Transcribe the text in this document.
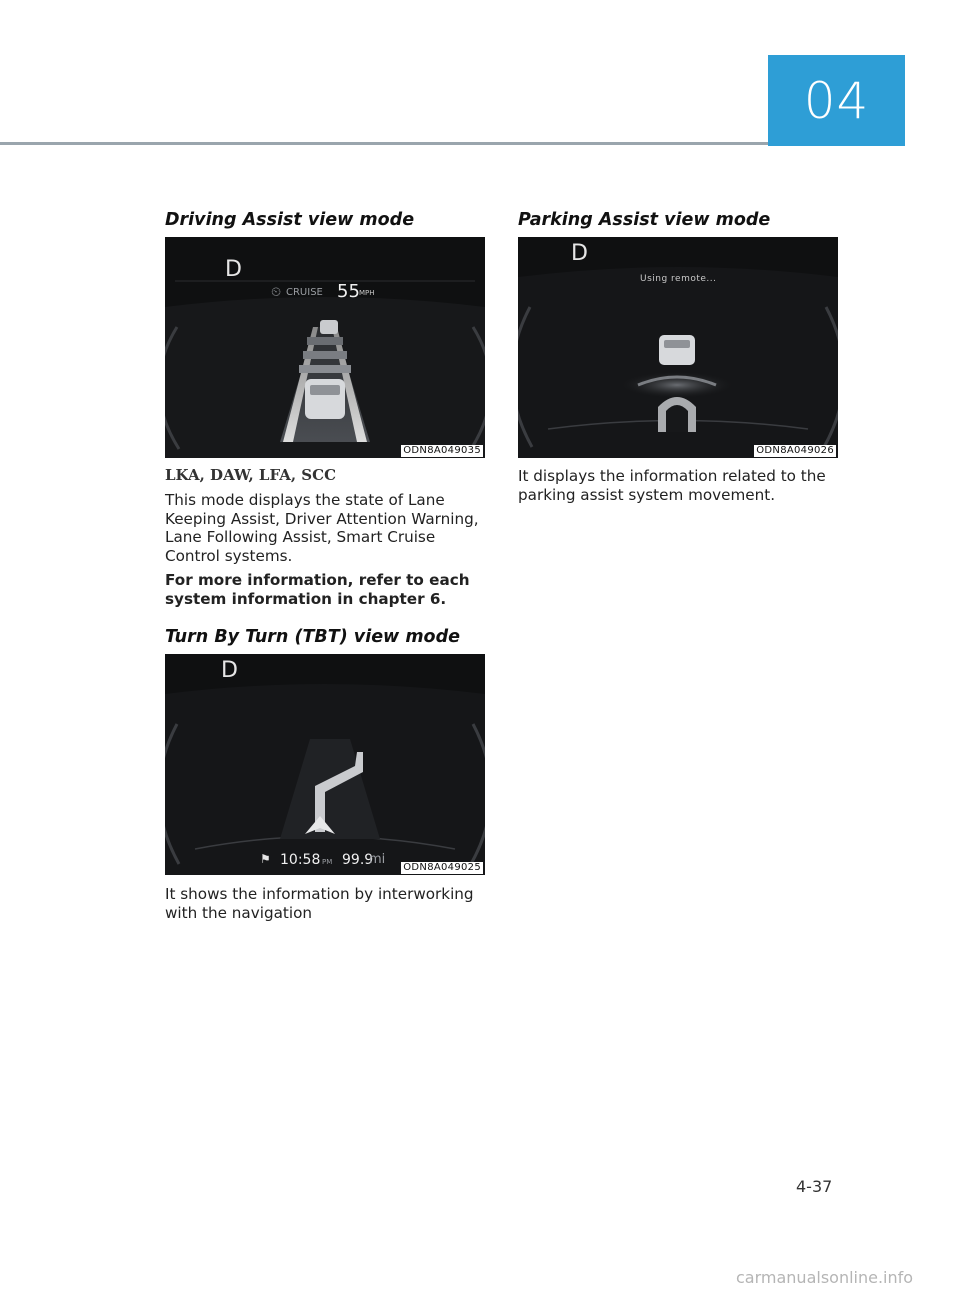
04
Driving Assist view mode
D
⏲ CRUISE 55 MPH
ODN8A049035
LKA, DAW, LFA, SCC
This mode displays the state of Lane Keeping Assist, Driver Attention Warning, Lane Following Assist, Smart Cruise Control systems.
For more information, refer to each system information in chapter 6.
Turn By Turn (TBT) view mode
D
⚑ 10:58 PM 99.9
mi
ODN8A049025
It shows the information by interworking with the navigation
Parking Assist view mode
D
Using remote...
ODN8A049026
It displays the information related to the parking assist system movement.
4-37
carmanualsonline.info
